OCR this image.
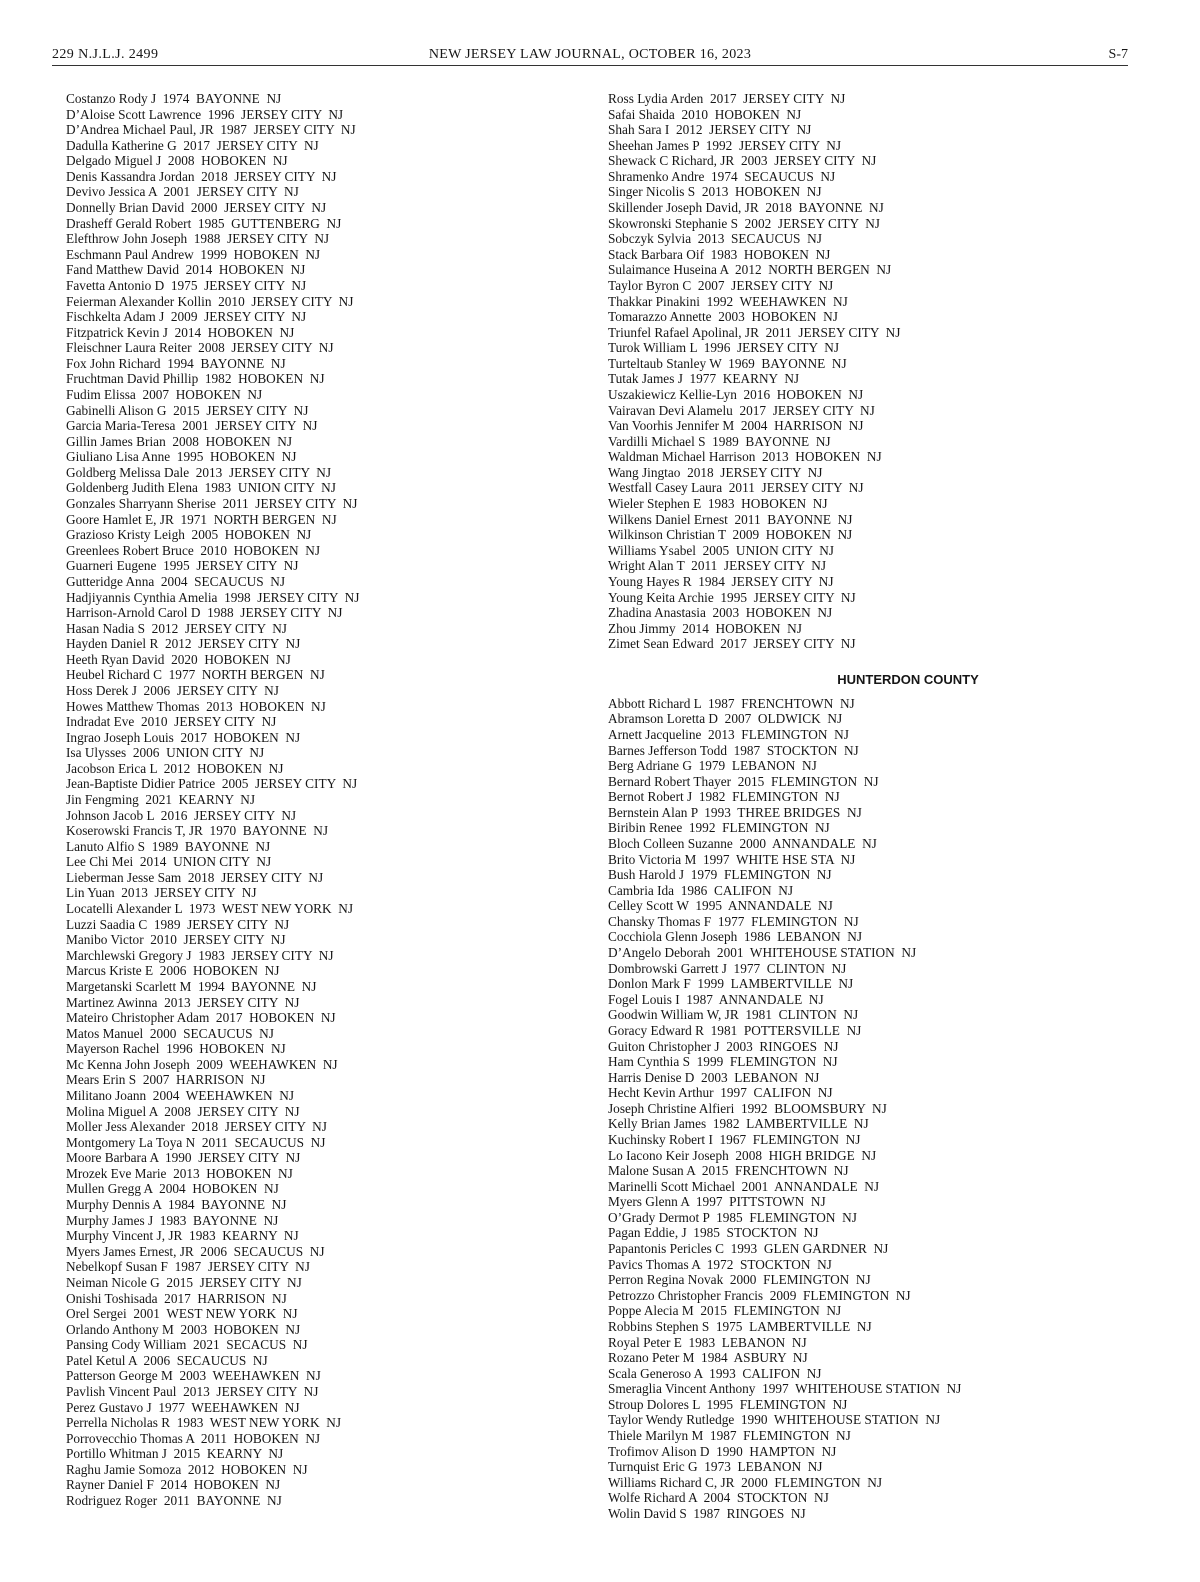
NEW JERSEY LAW JOURNAL, OCTOBER 16, 2023
229 N.J.L.J. 2499	S-7
Costanzo Rody J  1974  BAYONNE  NJ
D’Aloise Scott Lawrence  1996  JERSEY CITY  NJ
D’Andrea Michael Paul, JR  1987  JERSEY CITY  NJ
Dadulla Katherine G  2017  JERSEY CITY  NJ
Delgado Miguel J  2008  HOBOKEN  NJ
Denis Kassandra Jordan  2018  JERSEY CITY  NJ
Devivo Jessica A  2001  JERSEY CITY  NJ
Donnelly Brian David  2000  JERSEY CITY  NJ
Drasheff Gerald Robert  1985  GUTTENBERG  NJ
Elefthrow John Joseph  1988  JERSEY CITY  NJ
Eschmann Paul Andrew  1999  HOBOKEN  NJ
Fand Matthew David  2014  HOBOKEN  NJ
Favetta Antonio D  1975  JERSEY CITY  NJ
Feierman Alexander Kollin  2010  JERSEY CITY  NJ
Fischkelta Adam J  2009  JERSEY CITY  NJ
Fitzpatrick Kevin J  2014  HOBOKEN  NJ
Fleischner Laura Reiter  2008  JERSEY CITY  NJ
Fox John Richard  1994  BAYONNE  NJ
Fruchtman David Phillip  1982  HOBOKEN  NJ
Fudim Elissa  2007  HOBOKEN  NJ
Gabinelli Alison G  2015  JERSEY CITY  NJ
Garcia Maria-Teresa  2001  JERSEY CITY  NJ
Gillin James Brian  2008  HOBOKEN  NJ
Giuliano Lisa Anne  1995  HOBOKEN  NJ
Goldberg Melissa Dale  2013  JERSEY CITY  NJ
Goldenberg Judith Elena  1983  UNION CITY  NJ
Gonzales Sharryann Sherise  2011  JERSEY CITY  NJ
Goore Hamlet E, JR  1971  NORTH BERGEN  NJ
Grazioso Kristy Leigh  2005  HOBOKEN  NJ
Greenlees Robert Bruce  2010  HOBOKEN  NJ
Guarneri Eugene  1995  JERSEY CITY  NJ
Gutteridge Anna  2004  SECAUCUS  NJ
Hadjiyannis Cynthia Amelia  1998  JERSEY CITY  NJ
Harrison-Arnold Carol D  1988  JERSEY CITY  NJ
Hasan Nadia S  2012  JERSEY CITY  NJ
Hayden Daniel R  2012  JERSEY CITY  NJ
Heeth Ryan David  2020  HOBOKEN  NJ
Heubel Richard C  1977  NORTH BERGEN  NJ
Hoss Derek J  2006  JERSEY CITY  NJ
Howes Matthew Thomas  2013  HOBOKEN  NJ
Indradat Eve  2010  JERSEY CITY  NJ
Ingrao Joseph Louis  2017  HOBOKEN  NJ
Isa Ulysses  2006  UNION CITY  NJ
Jacobson Erica L  2012  HOBOKEN  NJ
Jean-Baptiste Didier Patrice  2005  JERSEY CITY  NJ
Jin Fengming  2021  KEARNY  NJ
Johnson Jacob L  2016  JERSEY CITY  NJ
Koserowski Francis T, JR  1970  BAYONNE  NJ
Lanuto Alfio S  1989  BAYONNE  NJ
Lee Chi Mei  2014  UNION CITY  NJ
Lieberman Jesse Sam  2018  JERSEY CITY  NJ
Lin Yuan  2013  JERSEY CITY  NJ
Locatelli Alexander L  1973  WEST NEW YORK  NJ
Luzzi Saadia C  1989  JERSEY CITY  NJ
Manibo Victor  2010  JERSEY CITY  NJ
Marchlewski Gregory J  1983  JERSEY CITY  NJ
Marcus Kriste E  2006  HOBOKEN  NJ
Margetanski Scarlett M  1994  BAYONNE  NJ
Martinez Awinna  2013  JERSEY CITY  NJ
Mateiro Christopher Adam  2017  HOBOKEN  NJ
Matos Manuel  2000  SECAUCUS  NJ
Mayerson Rachel  1996  HOBOKEN  NJ
Mc Kenna John Joseph  2009  WEEHAWKEN  NJ
Mears Erin S  2007  HARRISON  NJ
Militano Joann  2004  WEEHAWKEN  NJ
Molina Miguel A  2008  JERSEY CITY  NJ
Moller Jess Alexander  2018  JERSEY CITY  NJ
Montgomery La Toya N  2011  SECAUCUS  NJ
Moore Barbara A  1990  JERSEY CITY  NJ
Mrozek Eve Marie  2013  HOBOKEN  NJ
Mullen Gregg A  2004  HOBOKEN  NJ
Murphy Dennis A  1984  BAYONNE  NJ
Murphy James J  1983  BAYONNE  NJ
Murphy Vincent J, JR  1983  KEARNY  NJ
Myers James Ernest, JR  2006  SECAUCUS  NJ
Nebelkopf Susan F  1987  JERSEY CITY  NJ
Neiman Nicole G  2015  JERSEY CITY  NJ
Onishi Toshisada  2017  HARRISON  NJ
Orel Sergei  2001  WEST NEW YORK  NJ
Orlando Anthony M  2003  HOBOKEN  NJ
Pansing Cody William  2021  SECACUS  NJ
Patel Ketul A  2006  SECAUCUS  NJ
Patterson George M  2003  WEEHAWKEN  NJ
Pavlish Vincent Paul  2013  JERSEY CITY  NJ
Perez Gustavo J  1977  WEEHAWKEN  NJ
Perrella Nicholas R  1983  WEST NEW YORK  NJ
Porrovecchio Thomas A  2011  HOBOKEN  NJ
Portillo Whitman J  2015  KEARNY  NJ
Raghu Jamie Somoza  2012  HOBOKEN  NJ
Rayner Daniel F  2014  HOBOKEN  NJ
Rodriguez Roger  2011  BAYONNE  NJ
Ross Lydia Arden  2017  JERSEY CITY  NJ
Safai Shaida  2010  HOBOKEN  NJ
Shah Sara I  2012  JERSEY CITY  NJ
Sheehan James P  1992  JERSEY CITY  NJ
Shewack C Richard, JR  2003  JERSEY CITY  NJ
Shramenko Andre  1974  SECAUCUS  NJ
Singer Nicolis S  2013  HOBOKEN  NJ
Skillender Joseph David, JR  2018  BAYONNE  NJ
Skowronski Stephanie S  2002  JERSEY CITY  NJ
Sobczyk Sylvia  2013  SECAUCUS  NJ
Stack Barbara Oif  1983  HOBOKEN  NJ
Sulaimance Huseina A  2012  NORTH BERGEN  NJ
Taylor Byron C  2007  JERSEY CITY  NJ
Thakkar Pinakini  1992  WEEHAWKEN  NJ
Tomarazzo Annette  2003  HOBOKEN  NJ
Triunfel Rafael Apolinal, JR  2011  JERSEY CITY  NJ
Turok William L  1996  JERSEY CITY  NJ
Turteltaub Stanley W  1969  BAYONNE  NJ
Tutak James J  1977  KEARNY  NJ
Uszakiewicz Kellie-Lyn  2016  HOBOKEN  NJ
Vairavan Devi Alamelu  2017  JERSEY CITY  NJ
Van Voorhis Jennifer M  2004  HARRISON  NJ
Vardilli Michael S  1989  BAYONNE  NJ
Waldman Michael Harrison  2013  HOBOKEN  NJ
Wang Jingtao  2018  JERSEY CITY  NJ
Westfall Casey Laura  2011  JERSEY CITY  NJ
Wieler Stephen E  1983  HOBOKEN  NJ
Wilkens Daniel Ernest  2011  BAYONNE  NJ
Wilkinson Christian T  2009  HOBOKEN  NJ
Williams Ysabel  2005  UNION CITY  NJ
Wright Alan T  2011  JERSEY CITY  NJ
Young Hayes R  1984  JERSEY CITY  NJ
Young Keita Archie  1995  JERSEY CITY  NJ
Zhadina Anastasia  2003  HOBOKEN  NJ
Zhou Jimmy  2014  HOBOKEN  NJ
Zimet Sean Edward  2017  JERSEY CITY  NJ
HUNTERDON COUNTY
Abbott Richard L  1987  FRENCHTOWN  NJ
Abramson Loretta D  2007  OLDWICK  NJ
Arnett Jacqueline  2013  FLEMINGTON  NJ
Barnes Jefferson Todd  1987  STOCKTON  NJ
Berg Adriane G  1979  LEBANON  NJ
Bernard Robert Thayer  2015  FLEMINGTON  NJ
Bernot Robert J  1982  FLEMINGTON  NJ
Bernstein Alan P  1993  THREE BRIDGES  NJ
Biribin Renee  1992  FLEMINGTON  NJ
Bloch Colleen Suzanne  2000  ANNANDALE  NJ
Brito Victoria M  1997  WHITE HSE STA  NJ
Bush Harold J  1979  FLEMINGTON  NJ
Cambria Ida  1986  CALIFON  NJ
Celley Scott W  1995  ANNANDALE  NJ
Chansky Thomas F  1977  FLEMINGTON  NJ
Cocchiola Glenn Joseph  1986  LEBANON  NJ
D’Angelo Deborah  2001  WHITEHOUSE STATION  NJ
Dombrowski Garrett J  1977  CLINTON  NJ
Donlon Mark F  1999  LAMBERTVILLE  NJ
Fogel Louis I  1987  ANNANDALE  NJ
Goodwin William W, JR  1981  CLINTON  NJ
Goracy Edward R  1981  POTTERSVILLE  NJ
Guiton Christopher J  2003  RINGOES  NJ
Ham Cynthia S  1999  FLEMINGTON  NJ
Harris Denise D  2003  LEBANON  NJ
Hecht Kevin Arthur  1997  CALIFON  NJ
Joseph Christine Alfieri  1992  BLOOMSBURY  NJ
Kelly Brian James  1982  LAMBERTVILLE  NJ
Kuchinsky Robert I  1967  FLEMINGTON  NJ
Lo Iacono Keir Joseph  2008  HIGH BRIDGE  NJ
Malone Susan A  2015  FRENCHTOWN  NJ
Marinelli Scott Michael  2001  ANNANDALE  NJ
Myers Glenn A  1997  PITTSTOWN  NJ
O’Grady Dermot P  1985  FLEMINGTON  NJ
Pagan Eddie, J  1985  STOCKTON  NJ
Papantonis Pericles C  1993  GLEN GARDNER  NJ
Pavics Thomas A  1972  STOCKTON  NJ
Perron Regina Novak  2000  FLEMINGTON  NJ
Petrozzo Christopher Francis  2009  FLEMINGTON  NJ
Poppe Alecia M  2015  FLEMINGTON  NJ
Robbins Stephen S  1975  LAMBERTVILLE  NJ
Royal Peter E  1983  LEBANON  NJ
Rozano Peter M  1984  ASBURY  NJ
Scala Generoso A  1993  CALIFON  NJ
Smeraglia Vincent Anthony  1997  WHITEHOUSE STATION  NJ
Stroup Dolores L  1995  FLEMINGTON  NJ
Taylor Wendy Rutledge  1990  WHITEHOUSE STATION  NJ
Thiele Marilyn M  1987  FLEMINGTON  NJ
Trofimov Alison D  1990  HAMPTON  NJ
Turnquist Eric G  1973  LEBANON  NJ
Williams Richard C, JR  2000  FLEMINGTON  NJ
Wolfe Richard A  2004  STOCKTON  NJ
Wolin David S  1987  RINGOES  NJ
